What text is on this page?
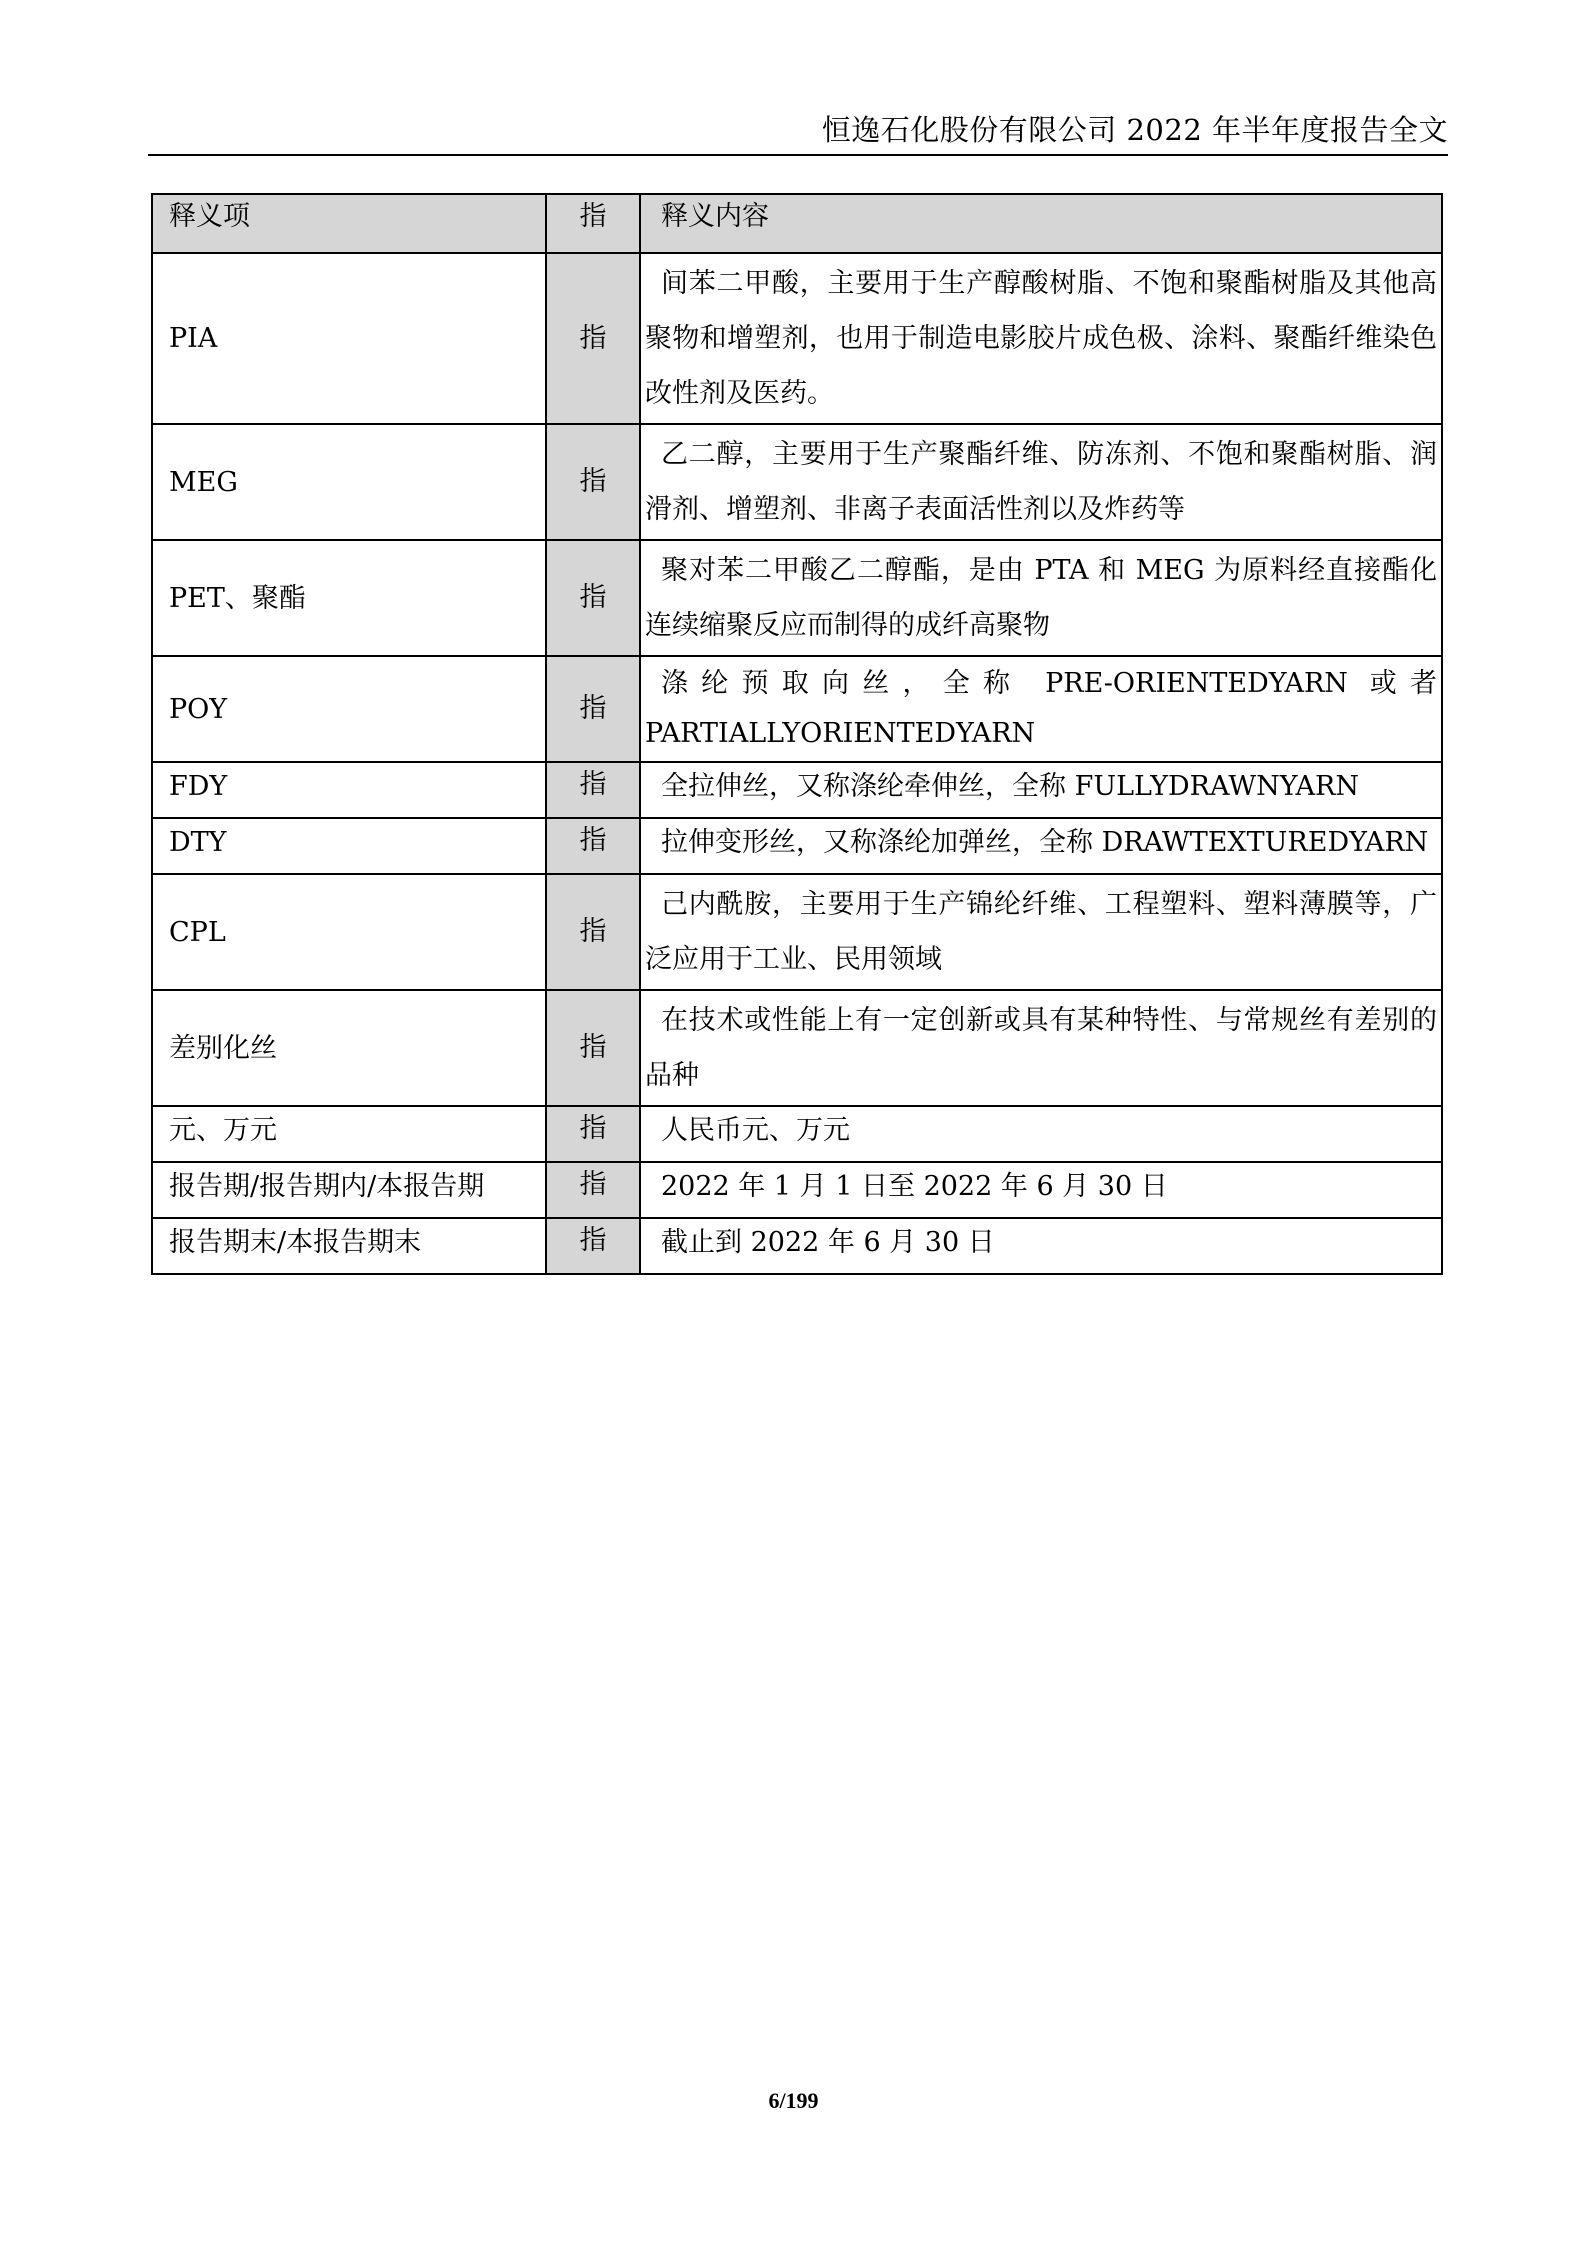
恒逸石化股份有限公司 2022 年半年度报告全文
释义项	指	释义内容

PIA	指	间苯二甲酸，主要用于生产醇酸树脂、不饱和聚酯树脂及其他高聚物和增塑剂，也用于制造电影胶片成色极、涂料、聚酯纤维染色改性剂及医药。

MEG	指	乙二醇，主要用于生产聚酯纤维、防冻剂、不饱和聚酯树脂、润滑剂、增塑剂、非离子表面活性剂以及炸药等

PET、聚酯	指	聚对苯二甲酸乙二醇酯，是由 PTA 和 MEG 为原料经直接酯化连续缩聚反应而制得的成纤高聚物

POY	指	涤纶预取向丝，全称 PRE-ORIENTEDYARN 或者 PARTIALLYORIENTEDYARN

FDY	指	全拉伸丝，又称涤纶牵伸丝，全称 FULLYDRAWNYARN

DTY	指	拉伸变形丝，又称涤纶加弹丝，全称 DRAWTEXTUREDYARN

CPL	指	己内酰胺，主要用于生产锦纶纤维、工程塑料、塑料薄膜等，广泛应用于工业、民用领域

差别化丝	指	在技术或性能上有一定创新或具有某种特性、与常规丝有差别的品种

元、万元	指	人民币元、万元

报告期/报告期内/本报告期	指	2022 年 1 月 1 日至 2022 年 6 月 30 日

报告期末/本报告期末	指	截止到 2022 年 6 月 30 日
6/199
